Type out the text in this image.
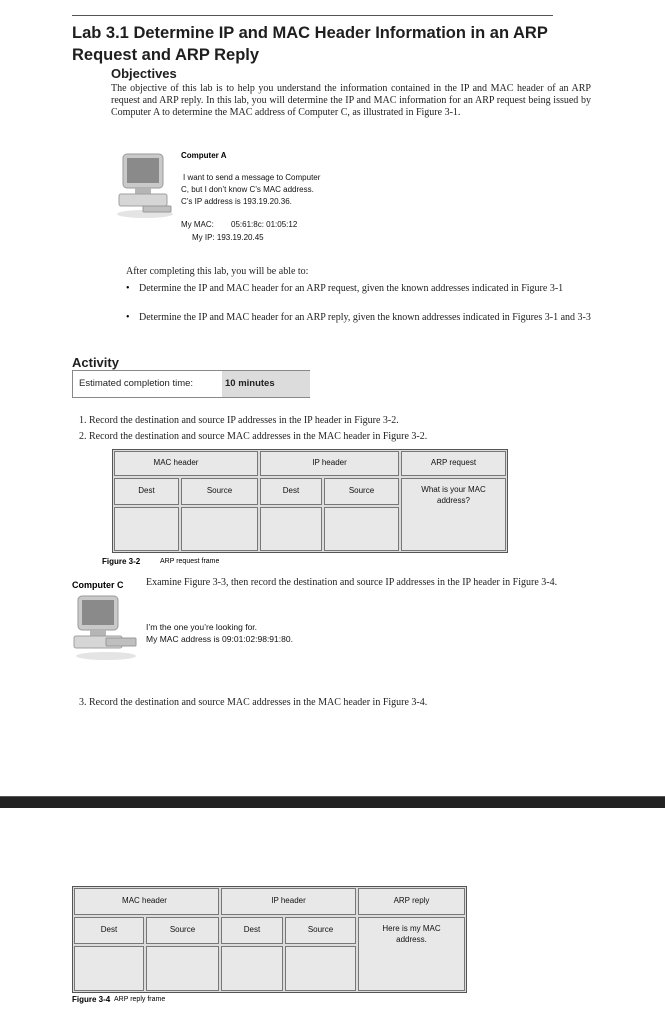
Lab 3.1 Determine IP and MAC Header Information in an ARP Request and ARP Reply
Objectives
The objective of this lab is to help you understand the information contained in the IP and MAC header of an ARP request and ARP reply. In this lab, you will determine the IP and MAC information for an ARP request being issued by Computer A to determine the MAC address of Computer C, as illustrated in Figure 3-1.
Computer A
I want to send a message to Computer
C, but I don’t know C’s MAC address.
C’s IP address is 193.19.20.36.
My MAC: 05:61:8c: 01:05:12
My IP: 193.19.20.45
After completing this lab, you will be able to:
• Determine the IP and MAC header for an ARP request, given the known addresses indicated in Figure 3-1
• Determine the IP and MAC header for an ARP reply, given the known addresses indicated in Figures 3-1 and 3-3
Activity
Estimated completion time:	10 minutes
1. Record the destination and source IP addresses in the IP header in Figure 3-2.
2. Record the destination and source MAC addresses in the MAC header in Figure 3-2.
MAC header	IP header	ARP request
Dest	Source	Dest	Source	What is your MAC address?
Figure 3-2	ARP request frame
Computer C Examine Figure 3-3, then record the destination and source IP addresses in the IP header in Figure 3-4.
I’m the one you’re looking for.
My MAC address is 09:01:02:98:91:80.
3. Record the destination and source MAC addresses in the MAC header in Figure 3-4.
MAC header	IP header	ARP reply
Dest	Source	Dest	Source	Here is my MAC address.
Figure 3-4 ARP reply frame
